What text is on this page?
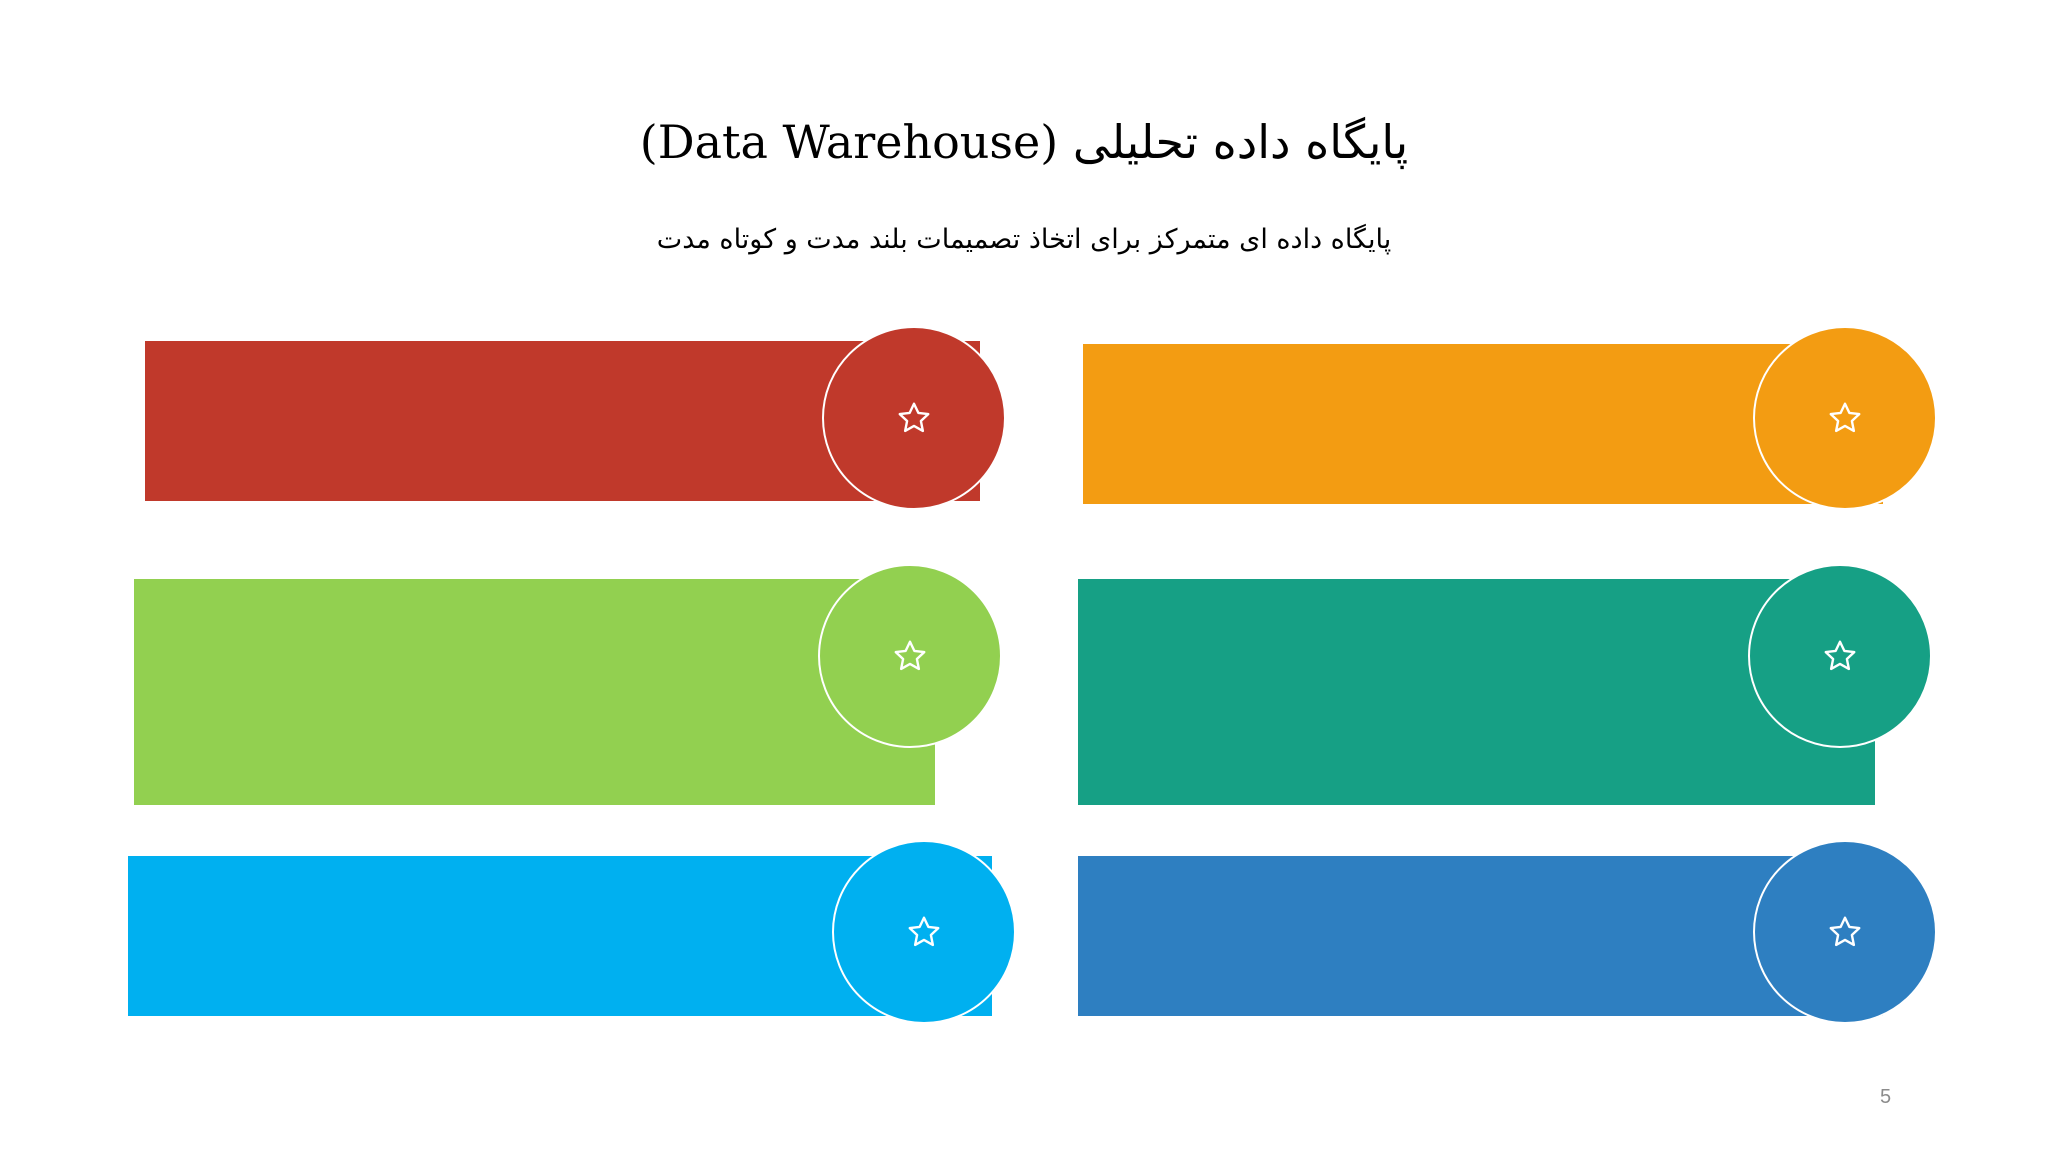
پایگاه داده تحلیلی (Data Warehouse)
پایگاه داده ای متمرکز برای اتخاذ تصمیمات بلند مدت و کوتاه مدت
5
